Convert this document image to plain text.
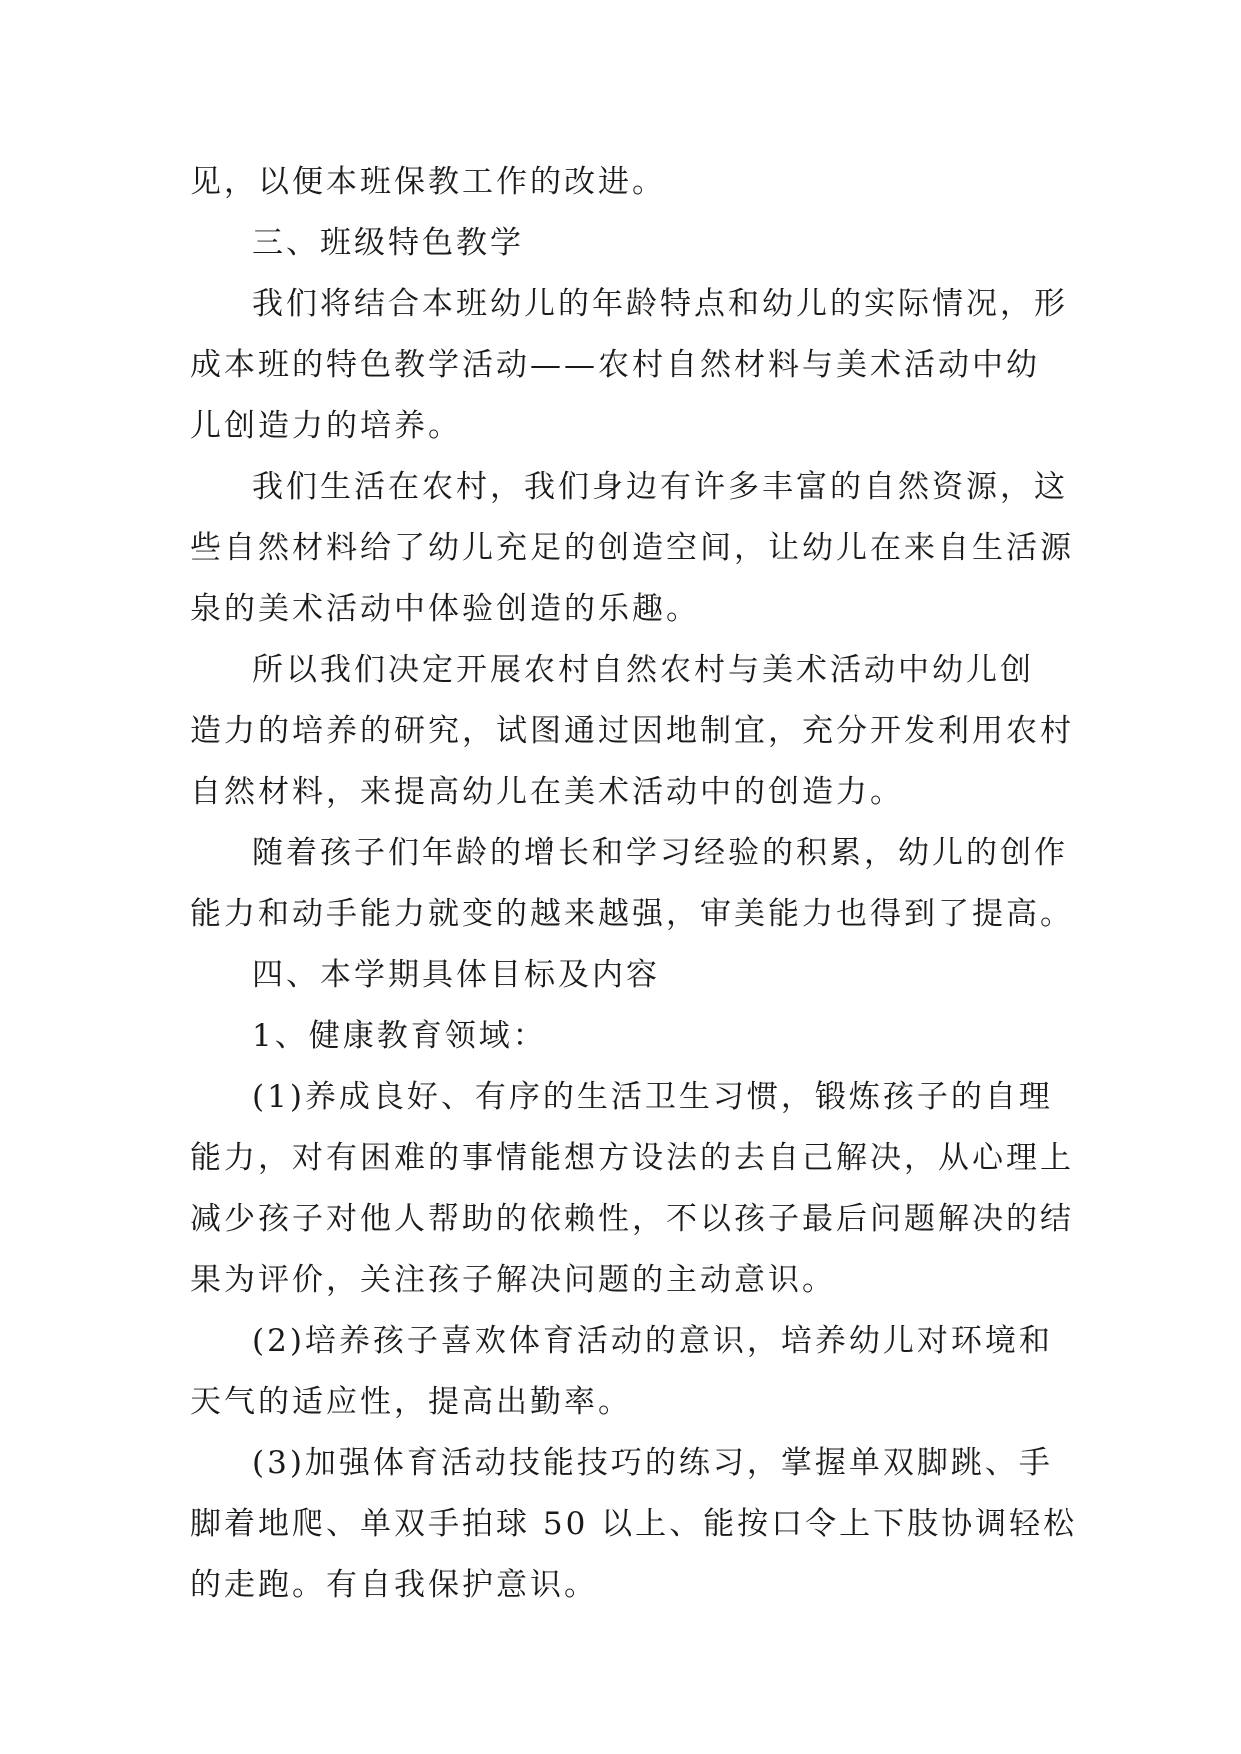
见，以便本班保教工作的改进。
三、班级特色教学
我们将结合本班幼儿的年龄特点和幼儿的实际情况，形
成本班的特色教学活动——农村自然材料与美术活动中幼
儿创造力的培养。
我们生活在农村，我们身边有许多丰富的自然资源，这
些自然材料给了幼儿充足的创造空间，让幼儿在来自生活源
泉的美术活动中体验创造的乐趣。
所以我们决定开展农村自然农村与美术活动中幼儿创
造力的培养的研究，试图通过因地制宜，充分开发利用农村
自然材料，来提高幼儿在美术活动中的创造力。
随着孩子们年龄的增长和学习经验的积累，幼儿的创作
能力和动手能力就变的越来越强，审美能力也得到了提高。
四、本学期具体目标及内容
1、健康教育领域：
(1)养成良好、有序的生活卫生习惯，锻炼孩子的自理
能力，对有困难的事情能想方设法的去自己解决，从心理上
减少孩子对他人帮助的依赖性，不以孩子最后问题解决的结
果为评价，关注孩子解决问题的主动意识。
(2)培养孩子喜欢体育活动的意识，培养幼儿对环境和
天气的适应性，提高出勤率。
(3)加强体育活动技能技巧的练习，掌握单双脚跳、手
脚着地爬、单双手拍球 50 以上、能按口令上下肢协调轻松
的走跑。有自我保护意识。
